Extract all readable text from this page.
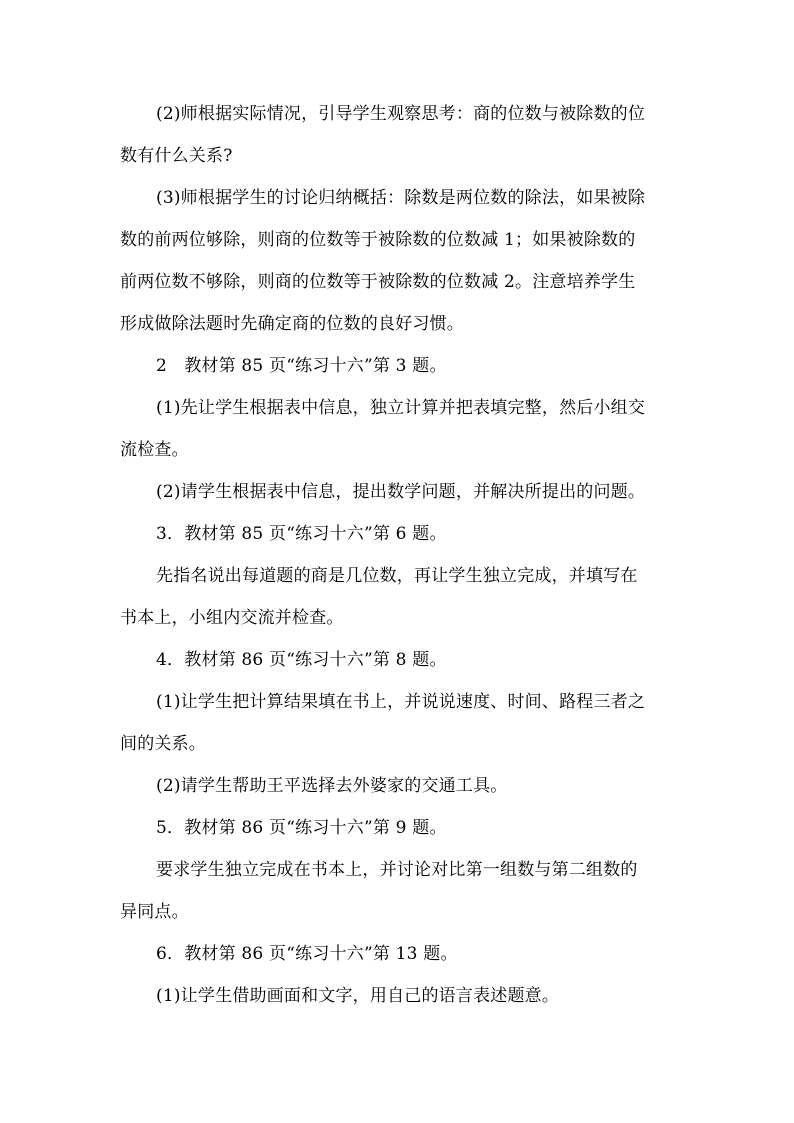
(2)师根据实际情况，引导学生观察思考：商的位数与被除数的位
数有什么关系?
(3)师根据学生的讨论归纳概括：除数是两位数的除法，如果被除
数的前两位够除，则商的位数等于被除数的位数减 1；如果被除数的
前两位数不够除，则商的位数等于被除数的位数减 2。注意培养学生
形成做除法题时先确定商的位数的良好习惯。
2　教材第 85 页“练习十六”第 3 题。
(1)先让学生根据表中信息，独立计算并把表填完整，然后小组交
流检查。
(2)请学生根据表中信息，提出数学问题，并解决所提出的问题。
3．教材第 85 页“练习十六”第 6 题。
先指名说出每道题的商是几位数，再让学生独立完成，并填写在
书本上，小组内交流并检查。
4．教材第 86 页“练习十六”第 8 题。
(1)让学生把计算结果填在书上，并说说速度、时间、路程三者之
间的关系。
(2)请学生帮助王平选择去外婆家的交通工具。
5．教材第 86 页“练习十六”第 9 题。
要求学生独立完成在书本上，并讨论对比第一组数与第二组数的
异同点。
6．教材第 86 页“练习十六”第 13 题。
(1)让学生借助画面和文字，用自己的语言表述题意。
